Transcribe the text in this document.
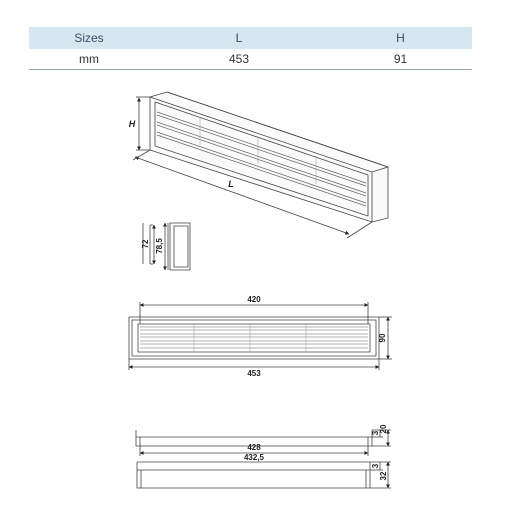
Sizes	L	H
mm	453	91
H
L
72 78,5
420
453
90
428
3 20
432,5
3
32
